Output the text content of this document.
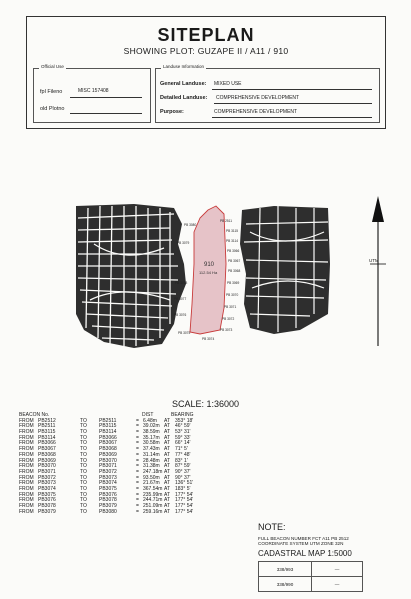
SITEPLAN
SHOWING PLOT: GUZAPE II / A11 / 910
Official Use
fpl Fileno	MISC 157408
old Plotno
Landuse Information
General Landuse: MIXED USE
Detailed Landuse: COMPREHENSIVE DEVELOPMENT
Purpose:	COMPREHENSIVE DEVELOPMENT
910
112.54 Ha
PB 2511
PB 3115
PB 3114
PB 3066
PB 3067
PB 3068
PB 3069
PB 3070
PB 3071
PB 3072
PB 3073
PB 3074
PB 3075
PB 3076
PB 3077
PB 3078
PB 3079
PB 3080
UTM
SCALE: 1:36000
BEACON No.	DIST	BEARING
FROM PB2512	TO PB2511	= 6.48m AT 353° 18'
FROM PB2511	TO PB3115	= 39.02m AT 46° 59'
FROM PB3115	TO PB3114	= 38.59m AT 53° 31'
FROM PB3114	TO PB3066	= 35.17m AT 59° 33'
FROM PB3066	TO PB3067	= 30.58m AT 66° 14'
FROM PB3067	TO PB3068	= 37.43m AT 71° 5'
FROM PB3068	TO PB3069	= 31.14m AT 77° 48'
FROM PB3069	TO PB3070	= 28.48m AT 83° 1'
FROM PB3070	TO PB3071	= 31.38m AT 87° 59'
FROM PB3071	TO PB3072	= 247.18m AT 90° 37'
FROM PB3072	TO PB3073	= 93.50m AT 90° 37'
FROM PB3073	TO PB3074	= 21.67m AT 136° 51'
FROM PB3074	TO PB3075	= 367.54m AT 183° 5'
FROM PB3075	TO PB3076	= 235.99m AT 177° 54'
FROM PB3076	TO PB3078	= 244.71m AT 177° 54'
FROM PB3078	TO PB3079	= 251.09m AT 177° 54'
FROM PB3079	TO PB3080	= 259.16m AT 177° 54'
NOTE:
FULL BEACON NUMBER FCT A11 PB 2512
COORDINATE SYSTEM UTM ZONE 32N
CADASTRAL MAP 1:5000
338/993	—
338/990	—
